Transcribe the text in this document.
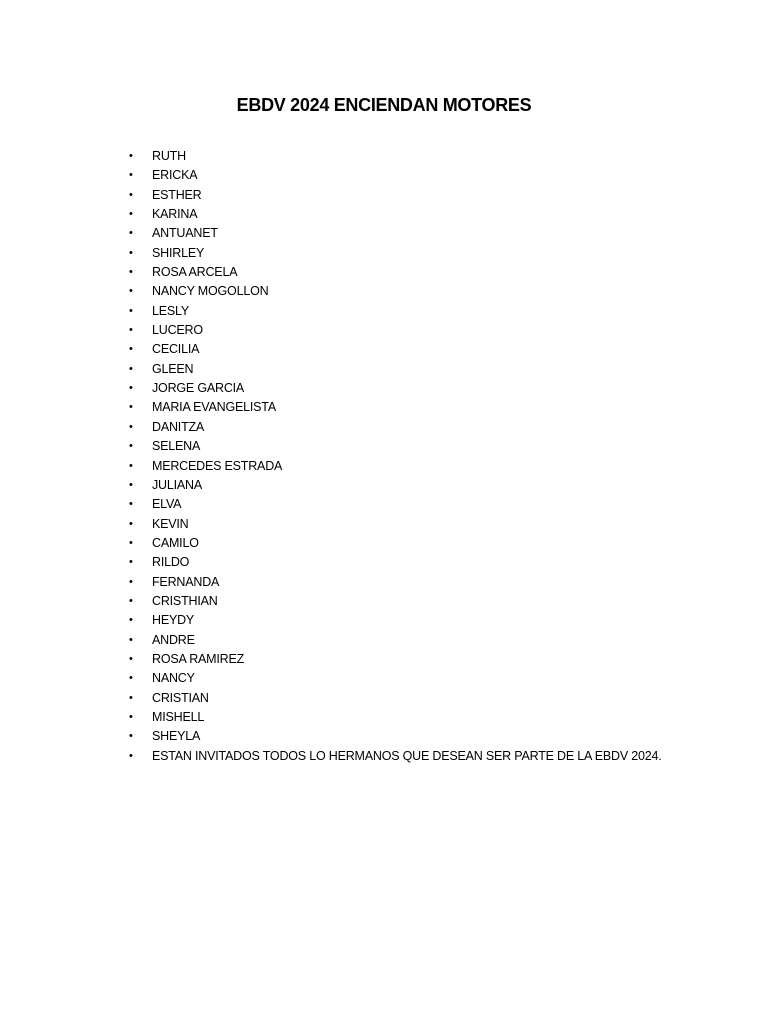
EBDV 2024 ENCIENDAN MOTORES
• RUTH
• ERICKA
• ESTHER
• KARINA
• ANTUANET
• SHIRLEY
• ROSA ARCELA
• NANCY MOGOLLON
• LESLY
• LUCERO
• CECILIA
• GLEEN
• JORGE GARCIA
• MARIA EVANGELISTA
• DANITZA
• SELENA
• MERCEDES ESTRADA
• JULIANA
• ELVA
• KEVIN
• CAMILO
• RILDO
• FERNANDA
• CRISTHIAN
• HEYDY
• ANDRE
• ROSA RAMIREZ
• NANCY
• CRISTIAN
• MISHELL
• SHEYLA
• ESTAN INVITADOS TODOS LO HERMANOS QUE DESEAN SER PARTE DE LA EBDV 2024.
